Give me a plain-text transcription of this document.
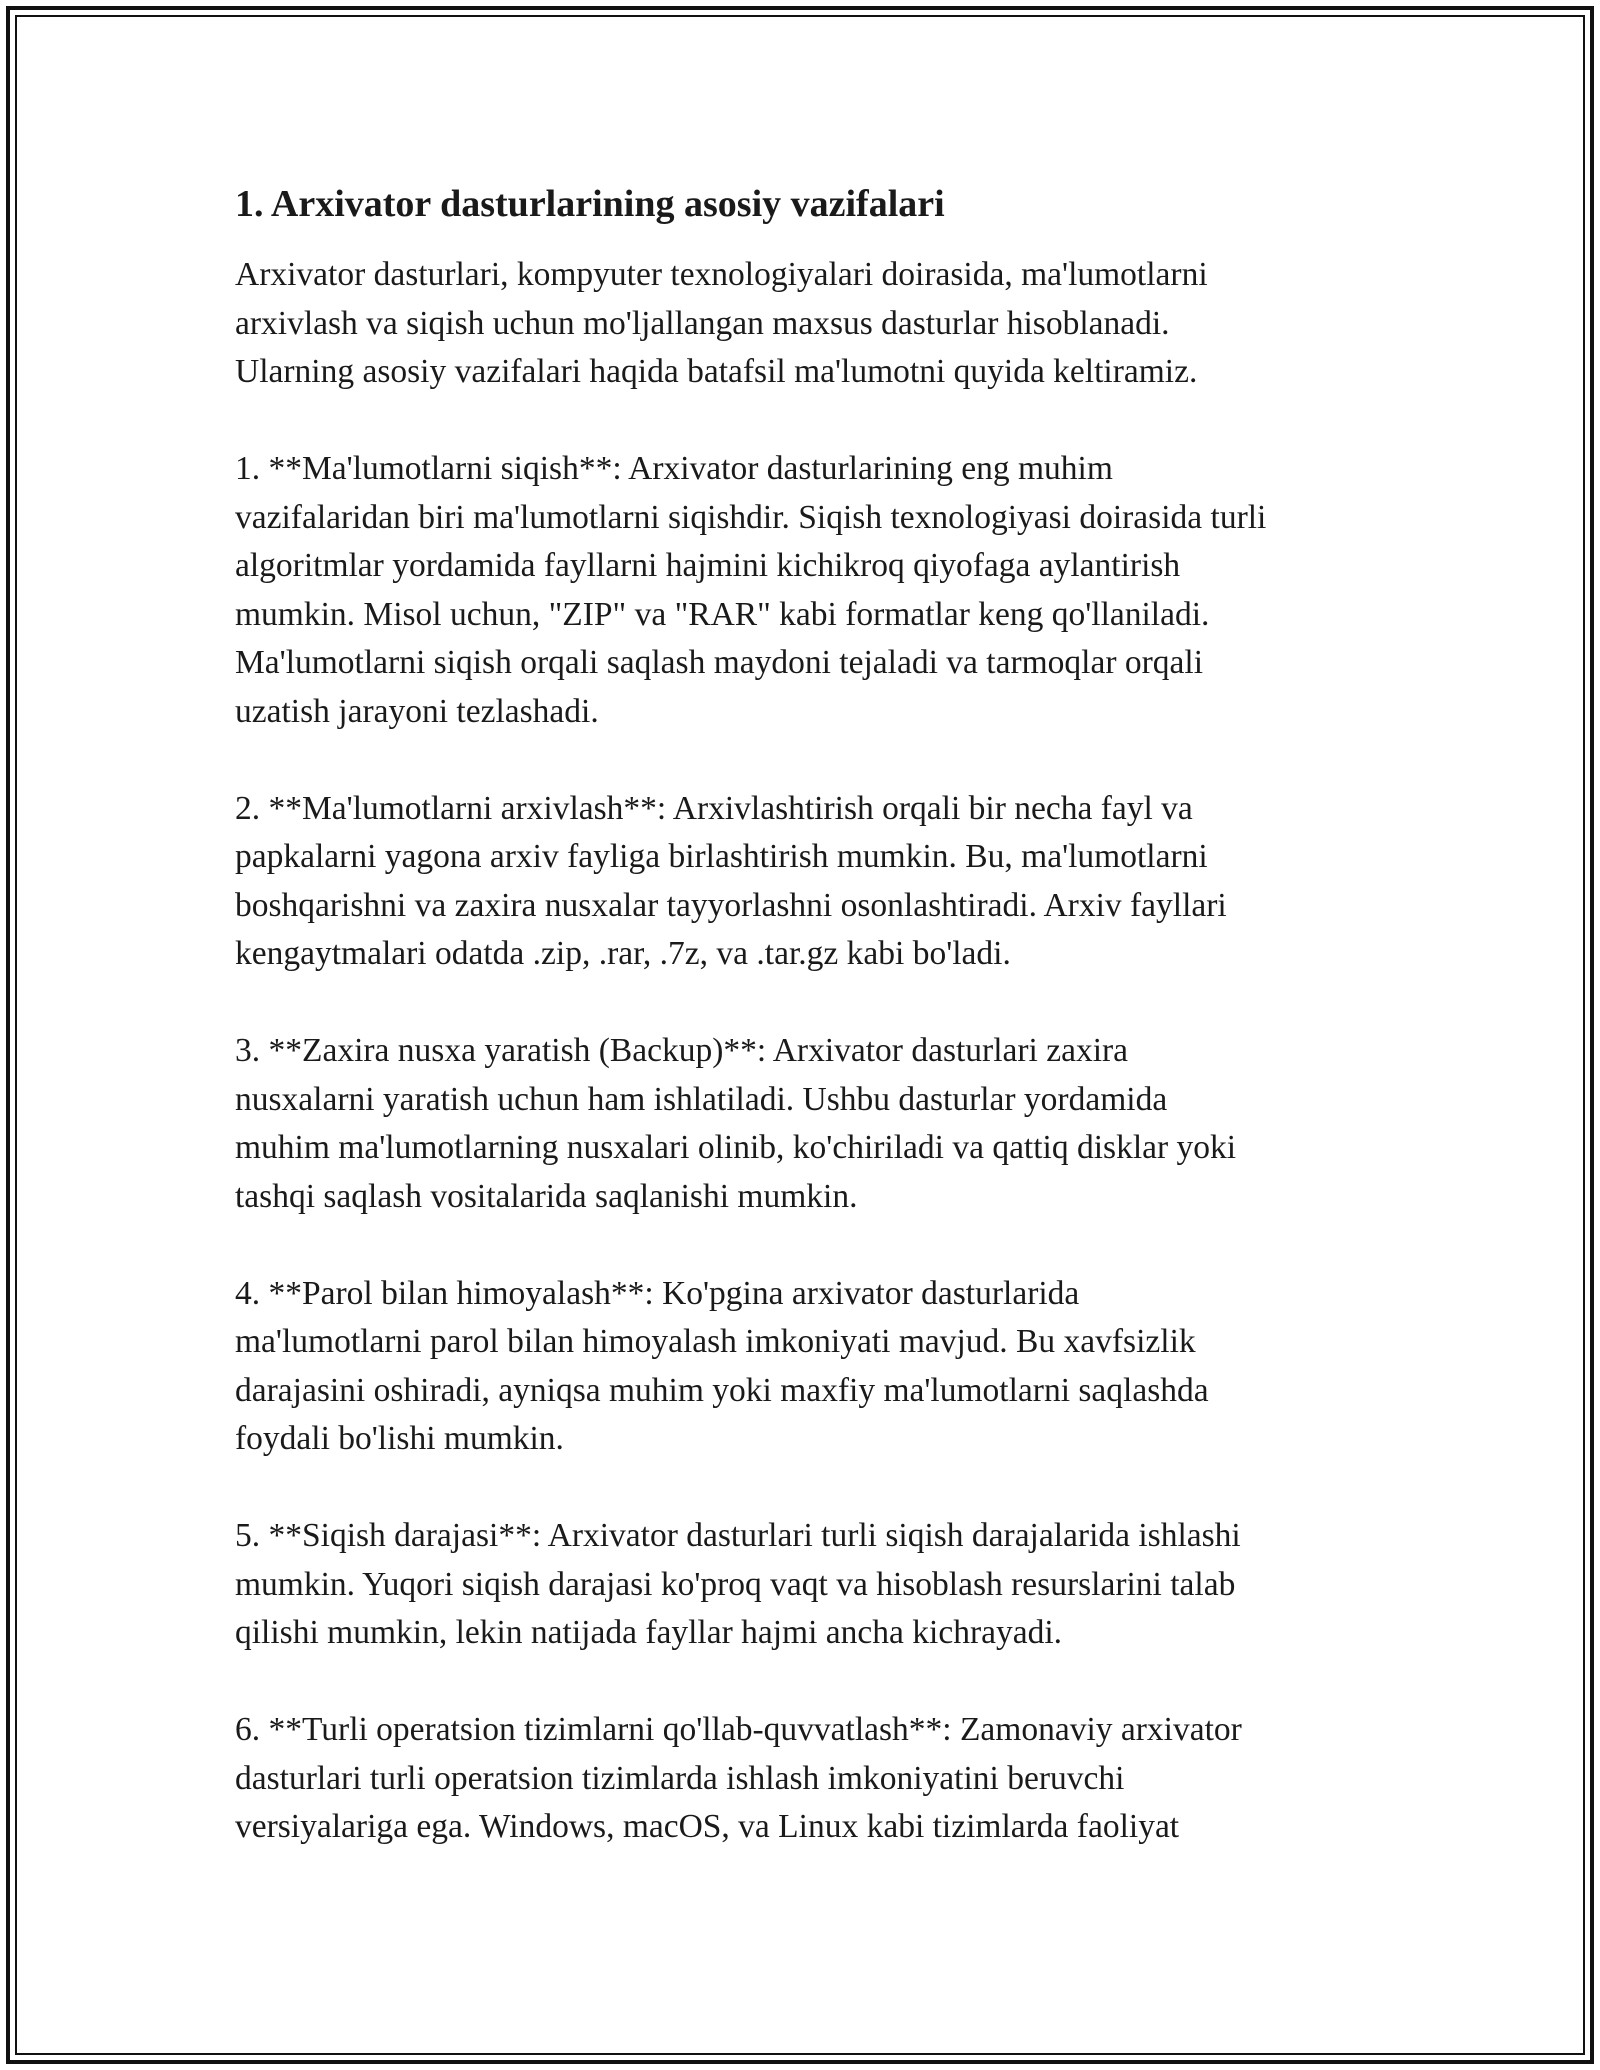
1. Arxivator dasturlarining asosiy vazifalari
Arxivator dasturlari, kompyuter texnologiyalari doirasida, ma'lumotlarni
arxivlash va siqish uchun mo'ljallangan maxsus dasturlar hisoblanadi.
Ularning asosiy vazifalari haqida batafsil ma'lumotni quyida keltiramiz.
1. **Ma'lumotlarni siqish**: Arxivator dasturlarining eng muhim
vazifalaridan biri ma'lumotlarni siqishdir. Siqish texnologiyasi doirasida turli
algoritmlar yordamida fayllarni hajmini kichikroq qiyofaga aylantirish
mumkin. Misol uchun, "ZIP" va "RAR" kabi formatlar keng qo'llaniladi.
Ma'lumotlarni siqish orqali saqlash maydoni tejaladi va tarmoqlar orqali
uzatish jarayoni tezlashadi.
2. **Ma'lumotlarni arxivlash**: Arxivlashtirish orqali bir necha fayl va
papkalarni yagona arxiv fayliga birlashtirish mumkin. Bu, ma'lumotlarni
boshqarishni va zaxira nusxalar tayyorlashni osonlashtiradi. Arxiv fayllari
kengaytmalari odatda .zip, .rar, .7z, va .tar.gz kabi bo'ladi.
3. **Zaxira nusxa yaratish (Backup)**: Arxivator dasturlari zaxira
nusxalarni yaratish uchun ham ishlatiladi. Ushbu dasturlar yordamida
muhim ma'lumotlarning nusxalari olinib, ko'chiriladi va qattiq disklar yoki
tashqi saqlash vositalarida saqlanishi mumkin.
4. **Parol bilan himoyalash**: Ko'pgina arxivator dasturlarida
ma'lumotlarni parol bilan himoyalash imkoniyati mavjud. Bu xavfsizlik
darajasini oshiradi, ayniqsa muhim yoki maxfiy ma'lumotlarni saqlashda
foydali bo'lishi mumkin.
5. **Siqish darajasi**: Arxivator dasturlari turli siqish darajalarida ishlashi
mumkin. Yuqori siqish darajasi ko'proq vaqt va hisoblash resurslarini talab
qilishi mumkin, lekin natijada fayllar hajmi ancha kichrayadi.
6. **Turli operatsion tizimlarni qo'llab-quvvatlash**: Zamonaviy arxivator
dasturlari turli operatsion tizimlarda ishlash imkoniyatini beruvchi
versiyalariga ega. Windows, macOS, va Linux kabi tizimlarda faoliyat
